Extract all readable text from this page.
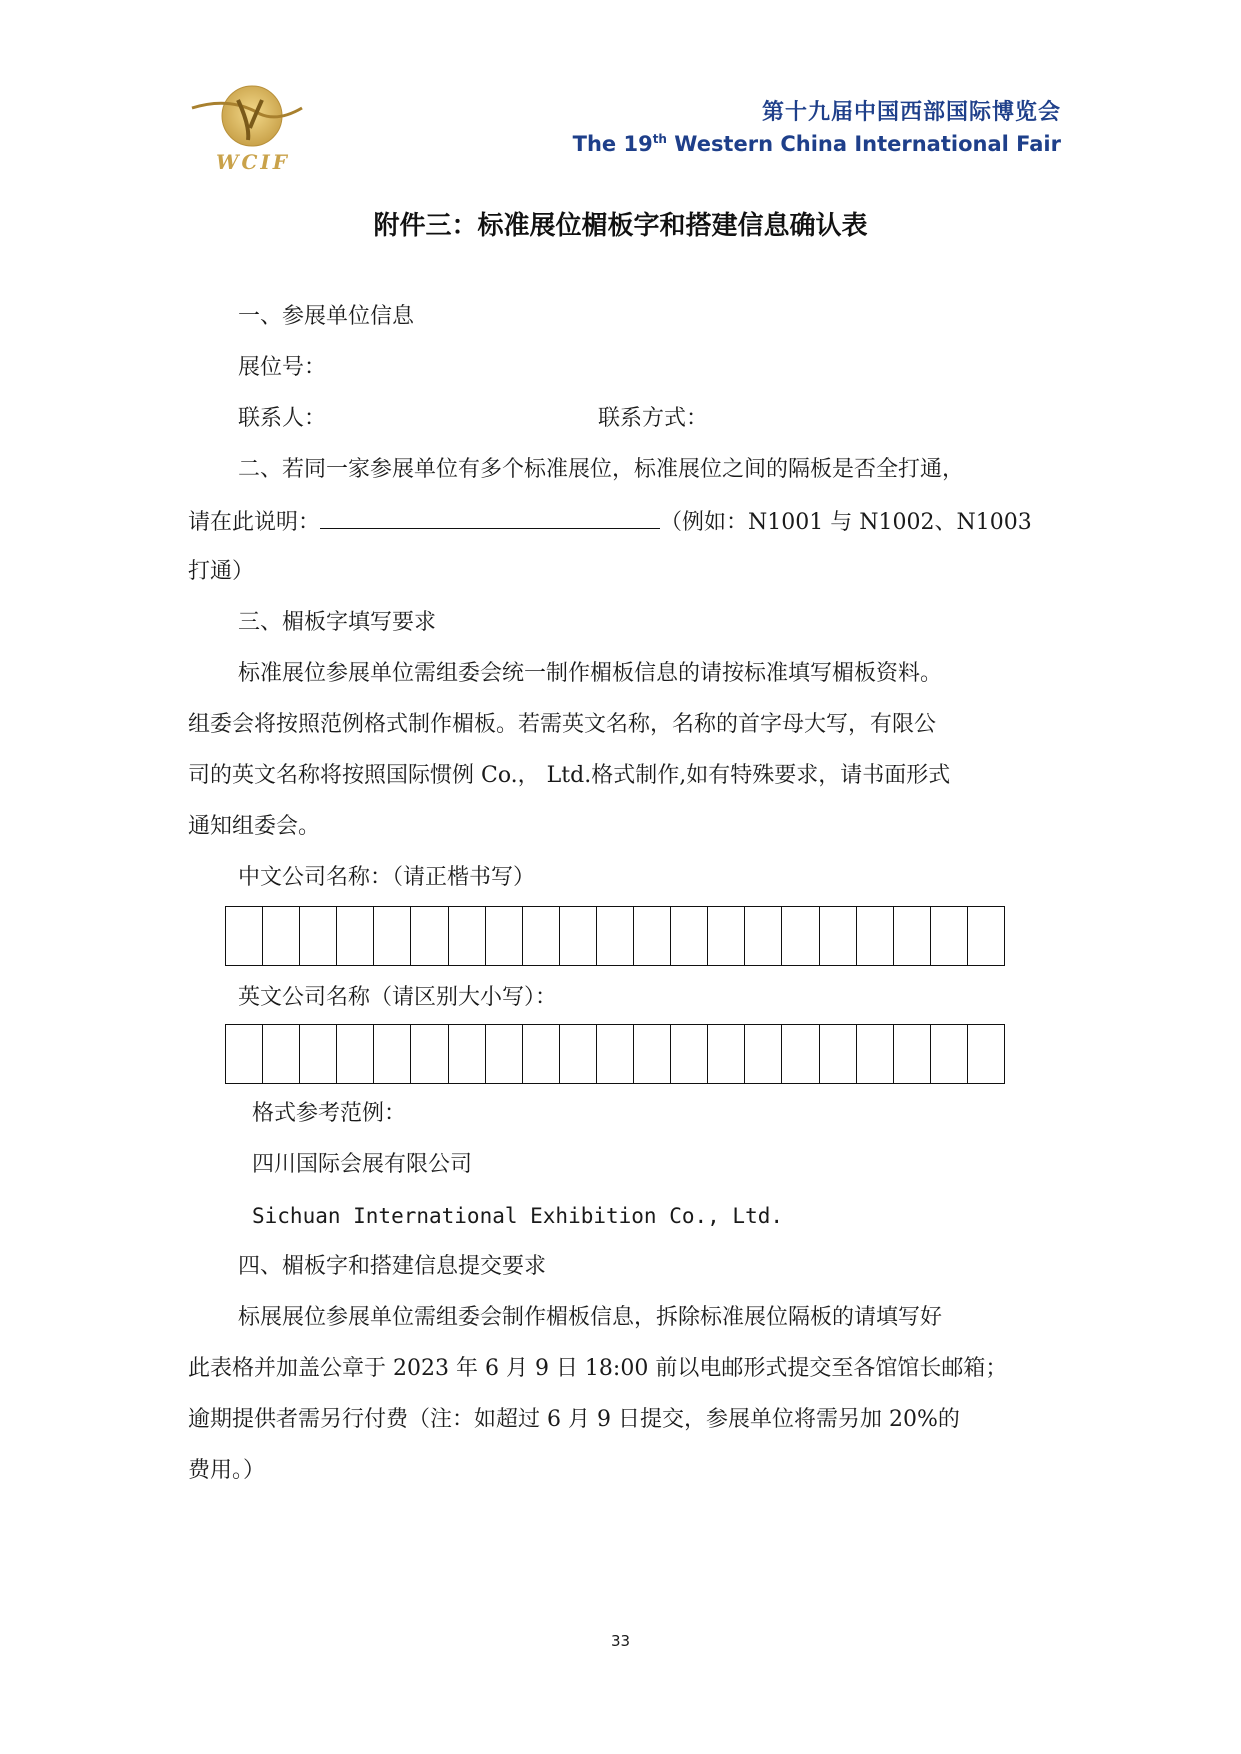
WCIF
第十九届中国西部国际博览会
The 19th Western China International Fair
附件三：标准展位楣板字和搭建信息确认表
一、参展单位信息
展位号：
联系人：	联系方式：
二、若同一家参展单位有多个标准展位，标准展位之间的隔板是否全打通，
请在此说明：	（例如：N1001 与 N1002、N1003
打通）
三、楣板字填写要求
标准展位参展单位需组委会统一制作楣板信息的请按标准填写楣板资料。
组委会将按照范例格式制作楣板。若需英文名称，名称的首字母大写，有限公
司的英文名称将按照国际惯例 Co.， Ltd.格式制作,如有特殊要求，请书面形式
通知组委会。
中文公司名称：（请正楷书写）
英文公司名称（请区别大小写）：
格式参考范例：
四川国际会展有限公司
Sichuan International Exhibition Co., Ltd.
四、楣板字和搭建信息提交要求
标展展位参展单位需组委会制作楣板信息，拆除标准展位隔板的请填写好
此表格并加盖公章于 2023 年 6 月 9 日 18:00 前以电邮形式提交至各馆馆长邮箱；
逾期提供者需另行付费（注：如超过 6 月 9 日提交，参展单位将需另加 20%的
费用。）
33
